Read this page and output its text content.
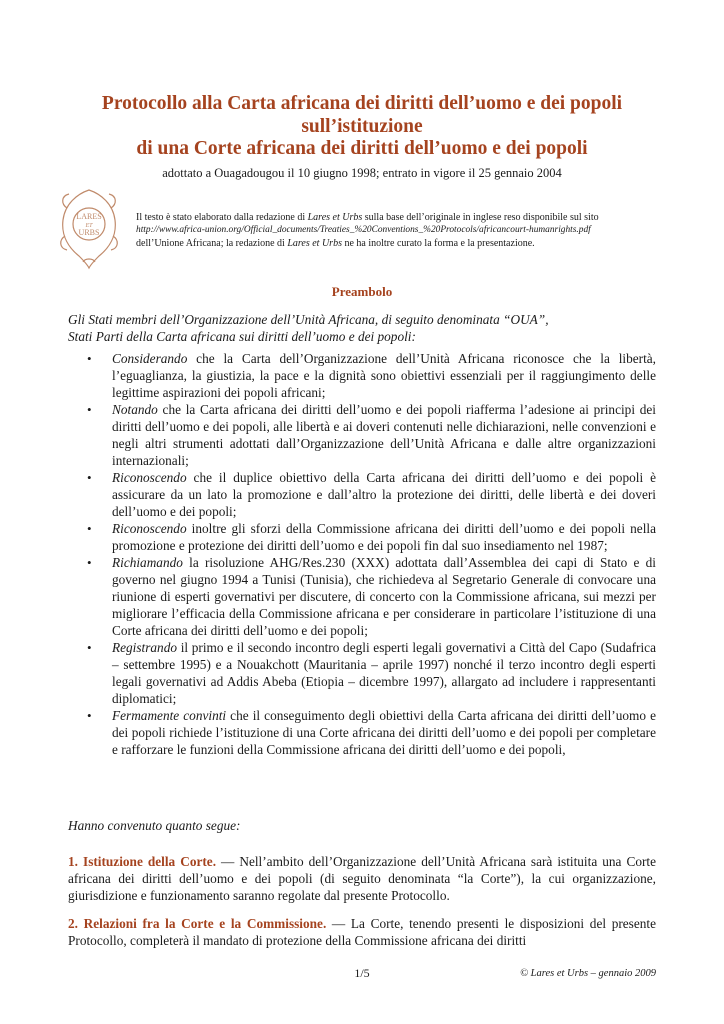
Protocollo alla Carta africana dei diritti dell’uomo e dei popoli
sull’istituzione
di una Corte africana dei diritti dell’uomo e dei popoli
adottato a Ouagadougou il 10 giugno 1998; entrato in vigore il 25 gennaio 2004
LARES
ET
URBS
Il testo è stato elaborato dalla redazione di Lares et Urbs sulla base dell’originale in inglese reso disponibile sul sito
http://www.africa-union.org/Official_documents/Treaties_%20Conventions_%20Protocols/africancourt-humanrights.pdf
dell’Unione Africana; la redazione di Lares et Urbs ne ha inoltre curato la forma e la presentazione.
Preambolo
Gli Stati membri dell’Organizzazione dell’Unità Africana, di seguito denominata “OUA”,
Stati Parti della Carta africana sui diritti dell’uomo e dei popoli:
• Considerando che la Carta dell’Organizzazione dell’Unità Africana riconosce che la libertà, l’eguaglianza, la giustizia, la pace e la dignità sono obiettivi essenziali per il raggiungimento delle legittime aspirazioni dei popoli africani;
• Notando che la Carta africana dei diritti dell’uomo e dei popoli riafferma l’adesione ai principi dei diritti dell’uomo e dei popoli, alle libertà e ai doveri contenuti nelle dichiarazioni, nelle convenzioni e negli altri strumenti adottati dall’Organizzazione dell’Unità Africana e dalle altre organizzazioni internazionali;
• Riconoscendo che il duplice obiettivo della Carta africana dei diritti dell’uomo e dei popoli è assicurare da un lato la promozione e dall’altro la protezione dei diritti, delle libertà e dei doveri dell’uomo e dei popoli;
• Riconoscendo inoltre gli sforzi della Commissione africana dei diritti dell’uomo e dei popoli nella promozione e protezione dei diritti dell’uomo e dei popoli fin dal suo insediamento nel 1987;
• Richiamando la risoluzione AHG/Res.230 (XXX) adottata dall’Assemblea dei capi di Stato e di governo nel giugno 1994 a Tunisi (Tunisia), che richiedeva al Segretario Generale di convocare una riunione di esperti governativi per discutere, di concerto con la Commissione africana, sui mezzi per migliorare l’efficacia della Commissione africana e per considerare in particolare l’istituzione di una Corte africana dei diritti dell’uomo e dei popoli;
• Registrando il primo e il secondo incontro degli esperti legali governativi a Città del Capo (Sudafrica – settembre 1995) e a Nouakchott (Mauritania – aprile 1997) nonché il terzo incontro degli esperti legali governativi ad Addis Abeba (Etiopia – dicembre 1997), allargato ad includere i rappresentanti diplomatici;
• Fermamente convinti che il conseguimento degli obiettivi della Carta africana dei diritti dell’uomo e dei popoli richiede l’istituzione di una Corte africana dei diritti dell’uomo e dei popoli per completare e rafforzare le funzioni della Commissione africana dei diritti dell’uomo e dei popoli,
Hanno convenuto quanto segue:
1. Istituzione della Corte. — Nell’ambito dell’Organizzazione dell’Unità Africana sarà istituita una Corte africana dei diritti dell’uomo e dei popoli (di seguito denominata “la Corte”), la cui organizzazione, giurisdizione e funzionamento saranno regolate dal presente Protocollo.
2. Relazioni fra la Corte e la Commissione. — La Corte, tenendo presenti le disposizioni del presente Protocollo, completerà il mandato di protezione della Commissione africana dei diritti
1/5	© Lares et Urbs – gennaio 2009
